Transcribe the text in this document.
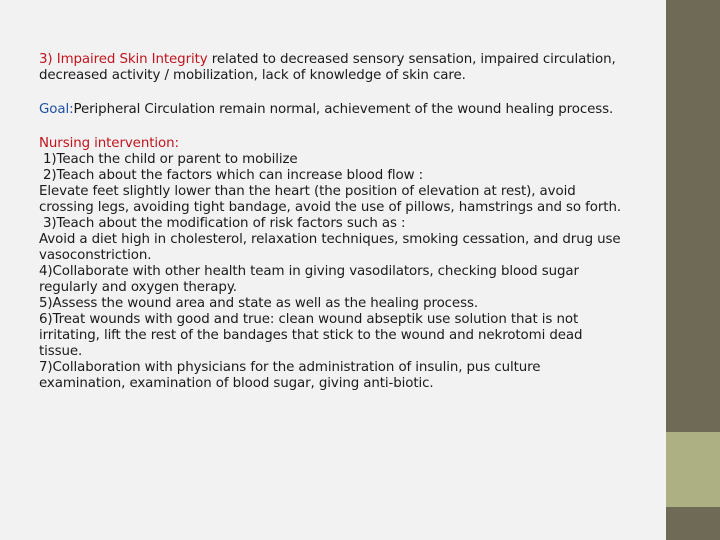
3) Impaired Skin Integrity related to decreased sensory sensation, impaired circulation, decreased activity / mobilization, lack of knowledge of skin care.

Goal:Peripheral Circulation remain normal, achievement of the wound healing process.

Nursing intervention:
1)Teach the child or parent to mobilize
2)Teach about the factors which can increase blood flow :
Elevate feet slightly lower than the heart (the position of elevation at rest), avoid crossing legs, avoiding tight bandage, avoid the use of pillows, hamstrings and so forth.
3)Teach about the modification of risk factors such as :
Avoid a diet high in cholesterol, relaxation techniques, smoking cessation, and drug use vasoconstriction.
4)Collaborate with other health team in giving vasodilators, checking blood sugar regularly and oxygen therapy.
5)Assess the wound area and state as well as the healing process.
6)Treat wounds with good and true: clean wound abseptik use solution that is not irritating, lift the rest of the bandages that stick to the wound and nekrotomi dead tissue.
7)Collaboration with physicians for the administration of insulin, pus culture examination, examination of blood sugar, giving anti-biotic.
